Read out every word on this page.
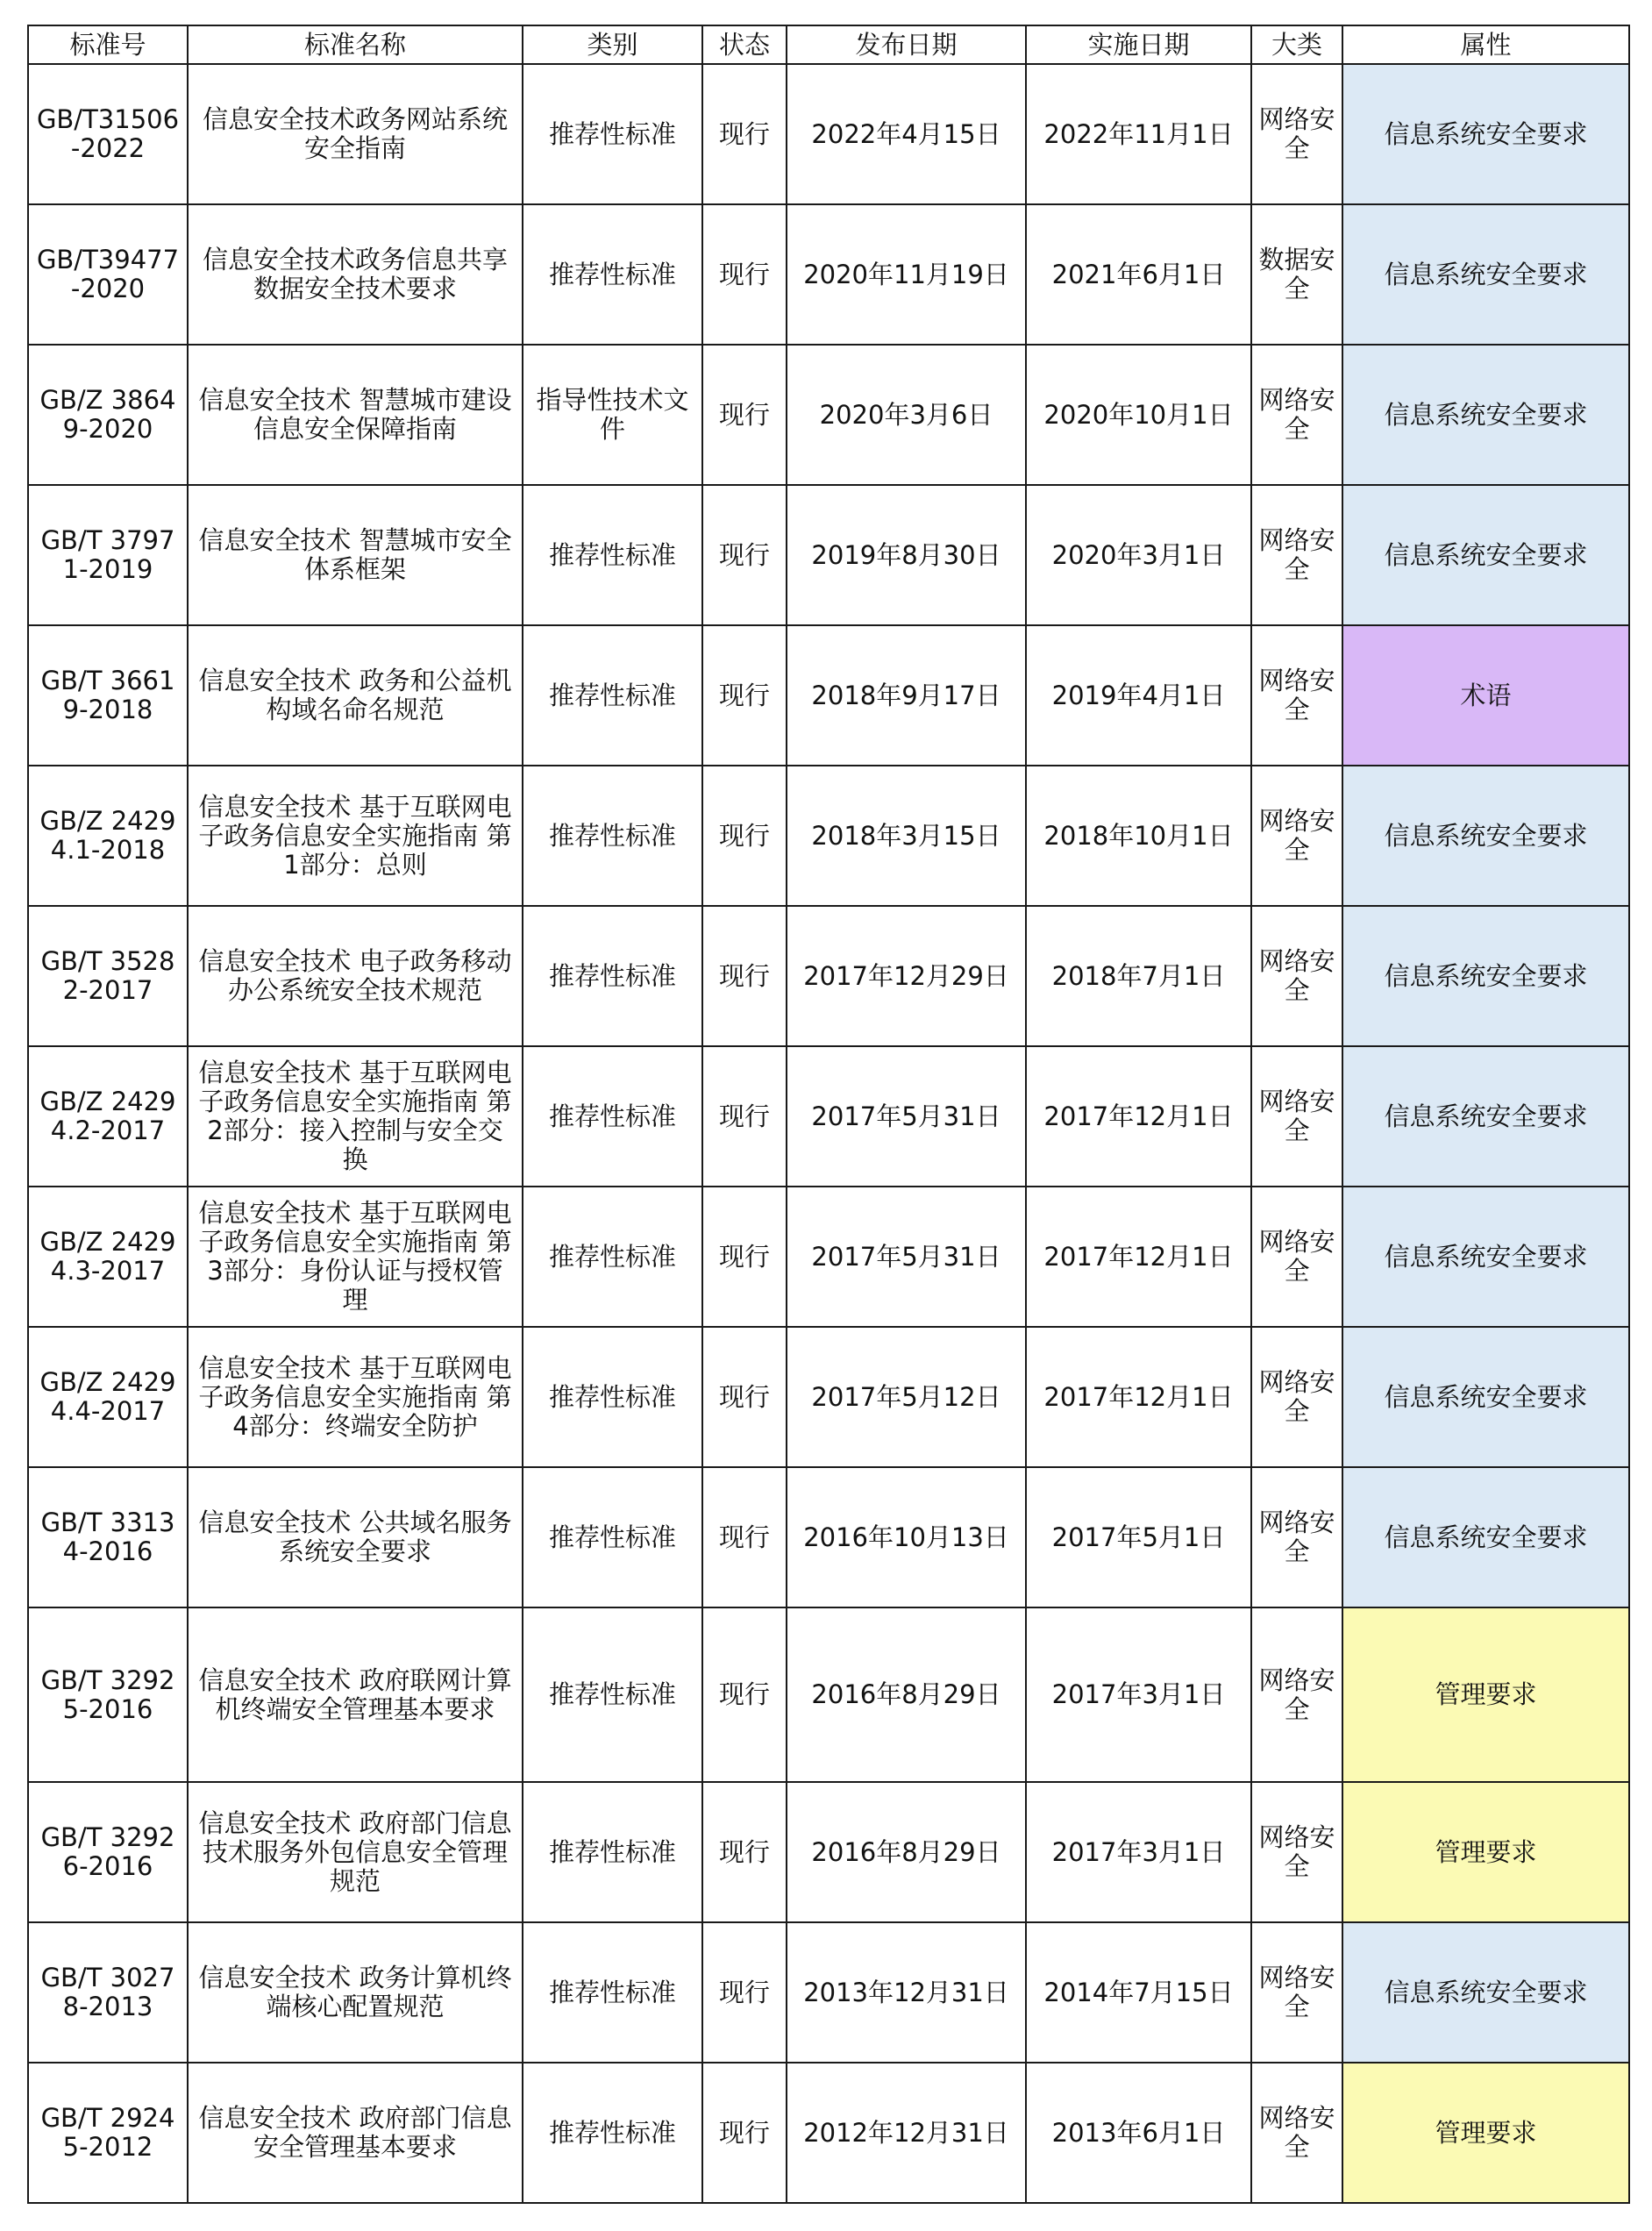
标准号	标准名称	类别	状态	发布日期	实施日期	大类	属性
GB/T31506-2022	信息安全技术政务网站系统安全指南	推荐性标准	现行	2022年4月15日	2022年11月1日	网络安全	信息系统安全要求
GB/T39477-2020	信息安全技术政务信息共享数据安全技术要求	推荐性标准	现行	2020年11月19日	2021年6月1日	数据安全	信息系统安全要求
GB/Z 38649-2020	信息安全技术 智慧城市建设信息安全保障指南	指导性技术文件	现行	2020年3月6日	2020年10月1日	网络安全	信息系统安全要求
GB/T 37971-2019	信息安全技术 智慧城市安全体系框架	推荐性标准	现行	2019年8月30日	2020年3月1日	网络安全	信息系统安全要求
GB/T 36619-2018	信息安全技术 政务和公益机构域名命名规范	推荐性标准	现行	2018年9月17日	2019年4月1日	网络安全	术语
GB/Z 24294.1-2018	信息安全技术 基于互联网电子政务信息安全实施指南 第1部分：总则	推荐性标准	现行	2018年3月15日	2018年10月1日	网络安全	信息系统安全要求
GB/T 35282-2017	信息安全技术 电子政务移动办公系统安全技术规范	推荐性标准	现行	2017年12月29日	2018年7月1日	网络安全	信息系统安全要求
GB/Z 24294.2-2017	信息安全技术 基于互联网电子政务信息安全实施指南 第2部分：接入控制与安全交换	推荐性标准	现行	2017年5月31日	2017年12月1日	网络安全	信息系统安全要求
GB/Z 24294.3-2017	信息安全技术 基于互联网电子政务信息安全实施指南 第3部分：身份认证与授权管理	推荐性标准	现行	2017年5月31日	2017年12月1日	网络安全	信息系统安全要求
GB/Z 24294.4-2017	信息安全技术 基于互联网电子政务信息安全实施指南 第4部分：终端安全防护	推荐性标准	现行	2017年5月12日	2017年12月1日	网络安全	信息系统安全要求
GB/T 33134-2016	信息安全技术 公共域名服务系统安全要求	推荐性标准	现行	2016年10月13日	2017年5月1日	网络安全	信息系统安全要求
GB/T 32925-2016	信息安全技术 政府联网计算机终端安全管理基本要求	推荐性标准	现行	2016年8月29日	2017年3月1日	网络安全	管理要求
GB/T 32926-2016	信息安全技术 政府部门信息技术服务外包信息安全管理规范	推荐性标准	现行	2016年8月29日	2017年3月1日	网络安全	管理要求
GB/T 30278-2013	信息安全技术 政务计算机终端核心配置规范	推荐性标准	现行	2013年12月31日	2014年7月15日	网络安全	信息系统安全要求
GB/T 29245-2012	信息安全技术 政府部门信息安全管理基本要求	推荐性标准	现行	2012年12月31日	2013年6月1日	网络安全	管理要求
